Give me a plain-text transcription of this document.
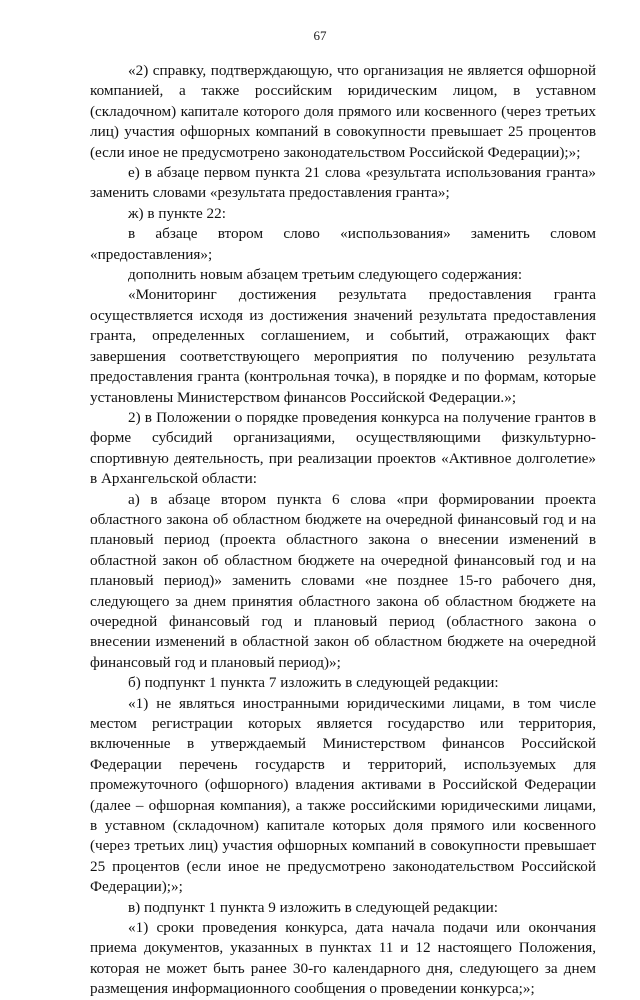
67

«2) справку, подтверждающую, что организация не является офшорной компанией, а также российским юридическим лицом, в уставном (складочном) капитале которого доля прямого или косвенного (через третьих лиц) участия офшорных компаний в совокупности превышает 25 процентов (если иное не предусмотрено законодательством Российской Федерации);»;

е) в абзаце первом пункта 21 слова «результата использования гранта» заменить словами «результата предоставления гранта»;

ж) в пункте 22:

в абзаце втором слово «использования» заменить словом «предоставления»;

дополнить новым абзацем третьим следующего содержания:

«Мониторинг достижения результата предоставления гранта осуществляется исходя из достижения значений результата предоставления гранта, определенных соглашением, и событий, отражающих факт завершения соответствующего мероприятия по получению результата предоставления гранта (контрольная точка), в порядке и по формам, которые установлены Министерством финансов Российской Федерации.»;

2) в Положении о порядке проведения конкурса на получение грантов в форме субсидий организациями, осуществляющими физкультурно-спортивную деятельность, при реализации проектов «Активное долголетие» в Архангельской области:

а) в абзаце втором пункта 6 слова «при формировании проекта областного закона об областном бюджете на очередной финансовый год и на плановый период (проекта областного закона о внесении изменений в областной закон об областном бюджете на очередной финансовый год и на плановый период)» заменить словами «не позднее 15-го рабочего дня, следующего за днем принятия областного закона об областном бюджете на очередной финансовый год и плановый период (областного закона о внесении изменений в областной закон об областном бюджете на очередной финансовый год и плановый период)»;

б) подпункт 1 пункта 7 изложить в следующей редакции:

«1) не являться иностранными юридическими лицами, в том числе местом регистрации которых является государство или территория, включенные в утверждаемый Министерством финансов Российской Федерации перечень государств и территорий, используемых для промежуточного (офшорного) владения активами в Российской Федерации (далее – офшорная компания), а также российскими юридическими лицами, в уставном (складочном) капитале которых доля прямого или косвенного (через третьих лиц) участия офшорных компаний в совокупности превышает 25 процентов (если иное не предусмотрено законодательством Российской Федерации);»;

в) подпункт 1 пункта 9 изложить в следующей редакции:

«1) сроки проведения конкурса, дата начала подачи или окончания приема документов, указанных в пунктах 11 и 12 настоящего Положения, которая не может быть ранее 30-го календарного дня, следующего за днем размещения информационного сообщения о проведении конкурса;»;
